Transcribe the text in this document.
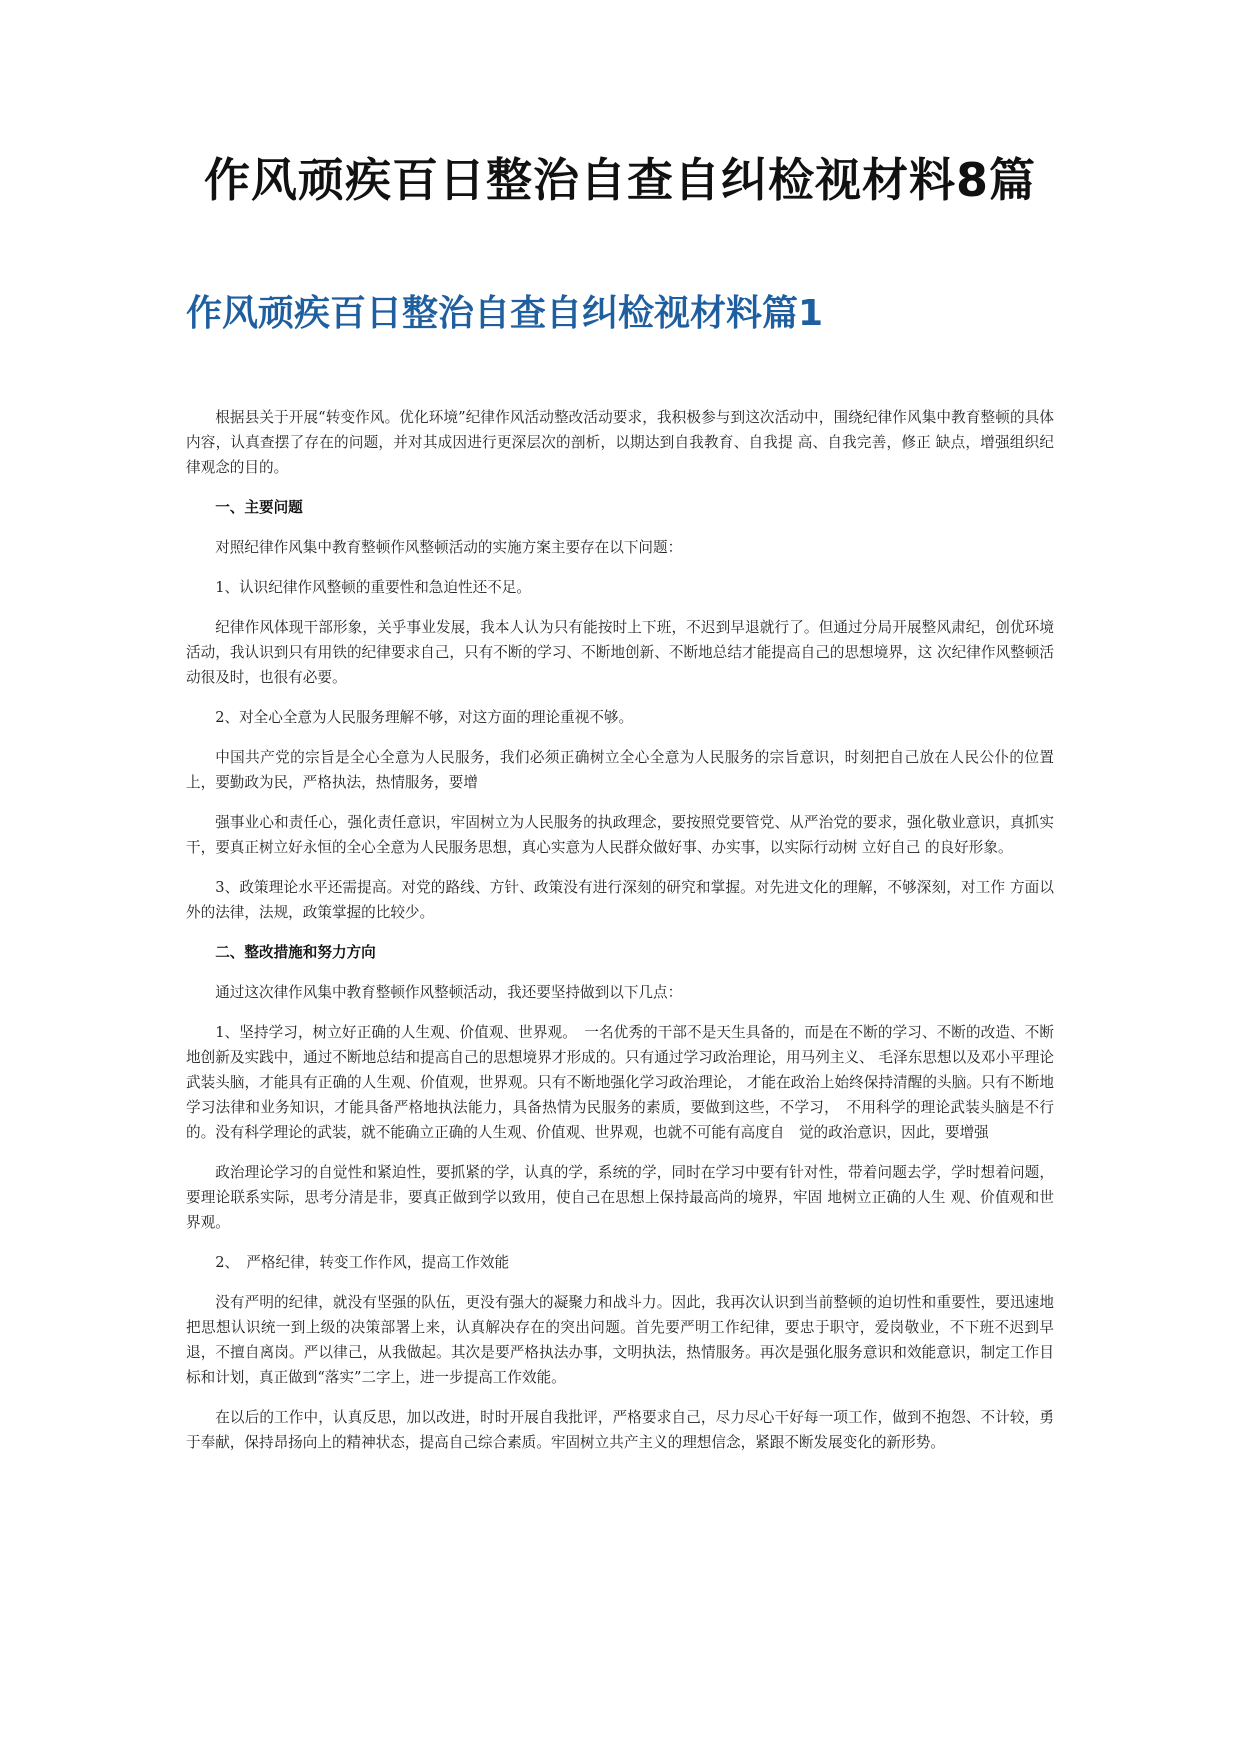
作风顽疾百日整治自查自纠检视材料8篇
作风顽疾百日整治自查自纠检视材料篇1

根据县关于开展“转变作风。优化环境”纪律作风活动整改活动要求，我积极参与到这次活动中，围绕纪律作风集中教育整顿的具体内容，认真查摆了存在的问题，并对其成因进行更深层次的剖析，以期达到自我教育、自我提 高、自我完善，修正 缺点，增强组织纪律观念的目的。

一、主要问题

对照纪律作风集中教育整顿作风整顿活动的实施方案主要存在以下问题：

1、认识纪律作风整顿的重要性和急迫性还不足。

纪律作风体现干部形象，关乎事业发展，我本人认为只有能按时上下班，不迟到早退就行了。但通过分局开展整风肃纪，创优环境活动，我认识到只有用铁的纪律要求自己，只有不断的学习、不断地创新、不断地总结才能提高自己的思想境界，这 次纪律作风整顿活动很及时，也很有必要。

2、对全心全意为人民服务理解不够，对这方面的理论重视不够。

中国共产党的宗旨是全心全意为人民服务，我们必须正确树立全心全意为人民服务的宗旨意识，时刻把自己放在人民公仆的位置上，要勤政为民，严格执法，热情服务，要增

强事业心和责任心，强化责任意识，牢固树立为人民服务的执政理念，要按照党要管党、从严治党的要求，强化敬业意识，真抓实干，要真正树立好永恒的全心全意为人民服务思想，真心实意为人民群众做好事、办实事，以实际行动树 立好自己 的良好形象。

3、政策理论水平还需提高。对党的路线、方针、政策没有进行深刻的研究和掌握。对先进文化的理解，不够深刻，对工作 方面以外的法律，法规，政策掌握的比较少。

二、整改措施和努力方向

通过这次律作风集中教育整顿作风整顿活动，我还要坚持做到以下几点：

1、坚持学习，树立好正确的人生观、价值观、世界观。　一名优秀的干部不是天生具备的，而是在不断的学习、不断的改造、不断地创新及实践中，通过不断地总结和提高自己的思想境界才形成的。只有通过学习政治理论，用马列主义、 毛泽东思想以及邓小平理论武装头脑，才能具有正确的人生观、价值观，世界观。只有不断地强化学习政治理论， 才能在政治上始终保持清醒的头脑。只有不断地学习法律和业务知识，才能具备严格地执法能力，具备热情为民服务的素质，要做到这些，不学习，　不用科学的理论武装头脑是不行的。没有科学理论的武装，就不能确立正确的人生观、价值观、世界观，也就不可能有高度自　觉的政治意识，因此，要增强

政治理论学习的自觉性和紧迫性，要抓紧的学，认真的学，系统的学，同时在学习中要有针对性，带着问题去学，学时想着问题，要理论联系实际，思考分清是非，要真正做到学以致用，使自己在思想上保持最高尚的境界，牢固 地树立正确的人生 观、价值观和世界观。

2、　严格纪律，转变工作作风，提高工作效能

没有严明的纪律，就没有坚强的队伍，更没有强大的凝聚力和战斗力。因此，我再次认识到当前整顿的迫切性和重要性，要迅速地把思想认识统一到上级的决策部署上来，认真解决存在的突出问题。首先要严明工作纪律，要忠于职守，爱岗敬业，不下班不迟到早退，不擅自离岗。严以律己，从我做起。其次是要严格执法办事，文明执法，热情服务。再次是强化服务意识和效能意识，制定工作目标和计划，真正做到“落实”二字上，进一步提高工作效能。

在以后的工作中，认真反思，加以改进，时时开展自我批评，严格要求自己，尽力尽心干好每一项工作，做到不抱怨、不计较，勇于奉献，保持昂扬向上的精神状态，提高自己综合素质。牢固树立共产主义的理想信念，紧跟不断发展变化的新形势。
